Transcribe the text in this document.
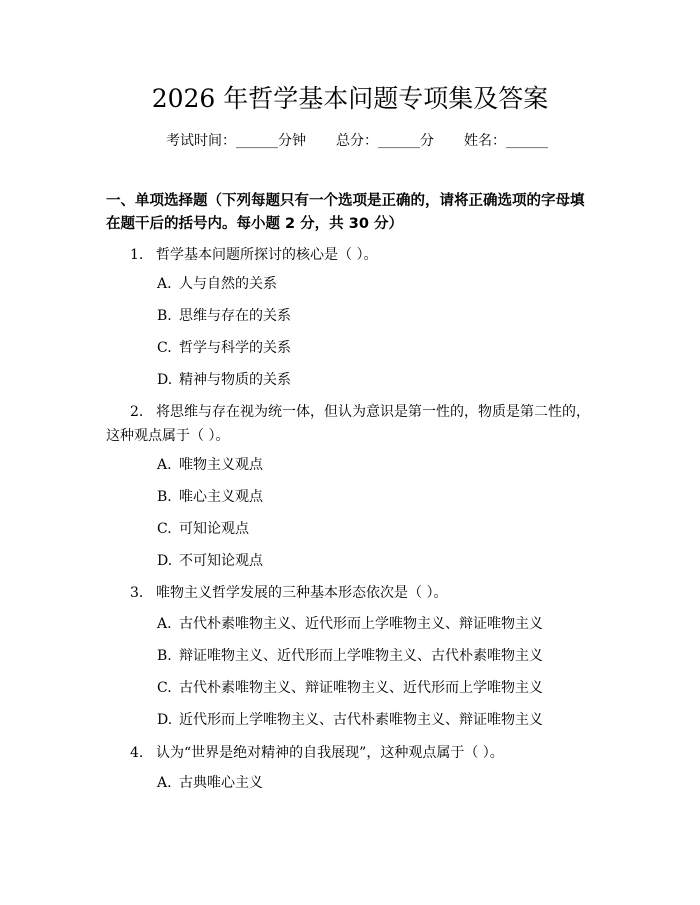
2026 年哲学基本问题专项集及答案
考试时间：______分钟 总分：______分 姓名：______
一、单项选择题（下列每题只有一个选项是正确的，请将正确选项的字母填在题干后的括号内。每小题 2 分，共 30 分）
1. 哲学基本问题所探讨的核心是（ ）。
A. 人与自然的关系
B. 思维与存在的关系
C. 哲学与科学的关系
D. 精神与物质的关系
2. 将思维与存在视为统一体，但认为意识是第一性的，物质是第二性的，这种观点属于（ ）。
A. 唯物主义观点
B. 唯心主义观点
C. 可知论观点
D. 不可知论观点
3. 唯物主义哲学发展的三种基本形态依次是（ ）。
A. 古代朴素唯物主义、近代形而上学唯物主义、辩证唯物主义
B. 辩证唯物主义、近代形而上学唯物主义、古代朴素唯物主义
C. 古代朴素唯物主义、辩证唯物主义、近代形而上学唯物主义
D. 近代形而上学唯物主义、古代朴素唯物主义、辩证唯物主义
4. 认为“世界是绝对精神的自我展现”，这种观点属于（ ）。
A. 古典唯心主义
